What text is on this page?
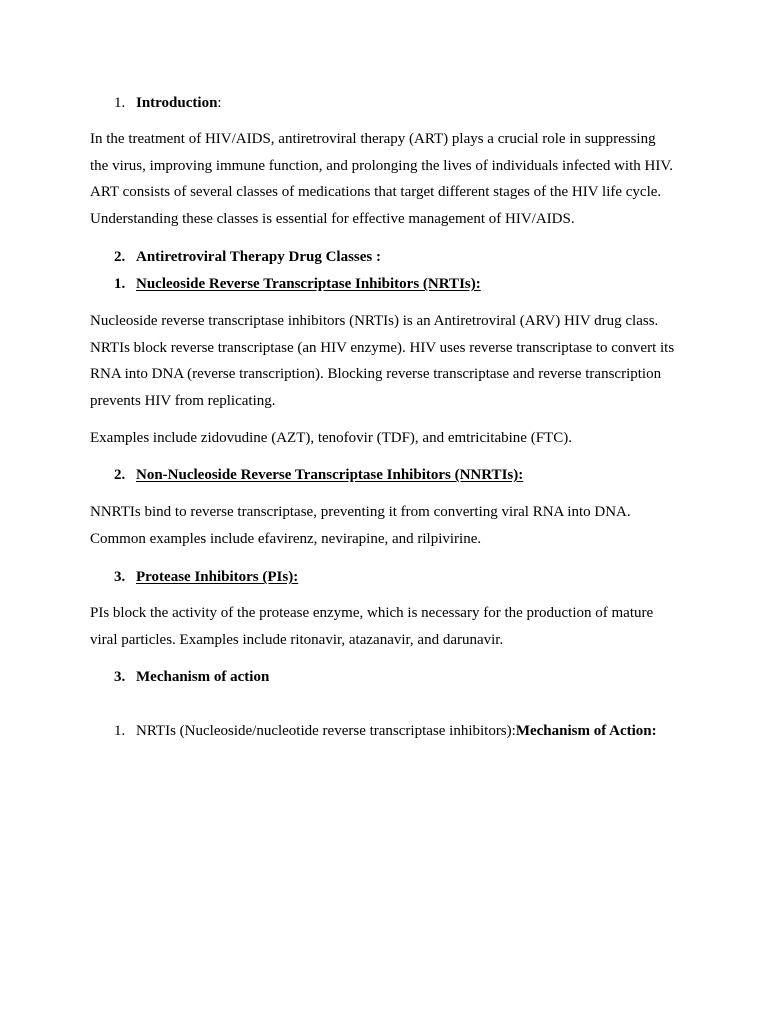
1. Introduction:
In the treatment of HIV/AIDS, antiretroviral therapy (ART) plays a crucial role in suppressing
the virus, improving immune function, and prolonging the lives of individuals infected with HIV.
ART consists of several classes of medications that target different stages of the HIV life cycle.
Understanding these classes is essential for effective management of HIV/AIDS.
2. Antiretroviral Therapy Drug Classes :
1. Nucleoside Reverse Transcriptase Inhibitors (NRTIs):
Nucleoside reverse transcriptase inhibitors (NRTIs) is an Antiretroviral (ARV) HIV drug class.
NRTIs block reverse transcriptase (an HIV enzyme). HIV uses reverse transcriptase to convert its
RNA into DNA (reverse transcription). Blocking reverse transcriptase and reverse transcription
prevents HIV from replicating.
Examples include zidovudine (AZT), tenofovir (TDF), and emtricitabine (FTC).
2. Non-Nucleoside Reverse Transcriptase Inhibitors (NNRTIs):
NNRTIs bind to reverse transcriptase, preventing it from converting viral RNA into DNA.
Common examples include efavirenz, nevirapine, and rilpivirine.
3. Protease Inhibitors (PIs):
PIs block the activity of the protease enzyme, which is necessary for the production of mature
viral particles. Examples include ritonavir, atazanavir, and darunavir.
3. Mechanism of action
1. NRTIs (Nucleoside/nucleotide reverse transcriptase inhibitors):Mechanism of Action:
